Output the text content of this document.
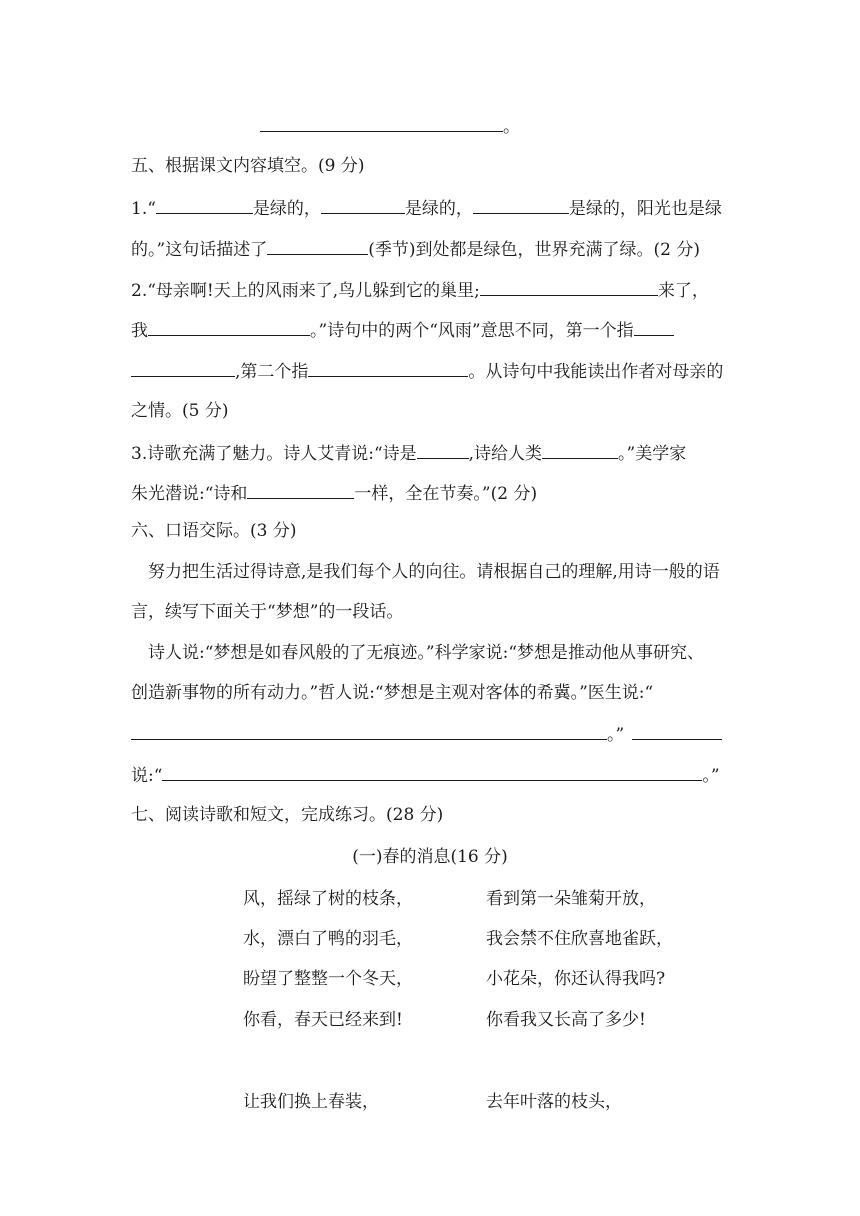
。
五、根据课文内容填空。(9 分)
1.“	是绿的，	是绿的，	是绿的，阳光也是绿
的。”这句话描述了	(季节)到处都是绿色，世界充满了绿。(2 分)
2.“母亲啊!天上的风雨来了,鸟儿躲到它的巢里;	来了，
我	。”诗句中的两个“风雨”意思不同，第一个指
,第二个指	。从诗句中我能读出作者对母亲的
之情。(5 分)
3.诗歌充满了魅力。诗人艾青说:“诗是	,诗给人类	。”美学家
朱光潜说:“诗和	一样，全在节奏。”(2 分)
六、口语交际。(3 分)
努力把生活过得诗意,是我们每个人的向往。请根据自己的理解,用诗一般的语
言，续写下面关于“梦想”的一段话。
诗人说:“梦想是如春风般的了无痕迹。”科学家说:“梦想是推动他从事研究、
创造新事物的所有动力。”哲人说:“梦想是主观对客体的希冀。”医生说:“
。”
说:“	。”
七、阅读诗歌和短文，完成练习。(28 分)
(一)春的消息(16 分)
风，摇绿了树的枝条，
水，漂白了鸭的羽毛，
盼望了整整一个冬天，
你看，春天已经来到!
让我们换上春装，
看到第一朵雏菊开放，
我会禁不住欣喜地雀跃，
小花朵，你还认得我吗?
你看我又长高了多少!
去年叶落的枝头，
